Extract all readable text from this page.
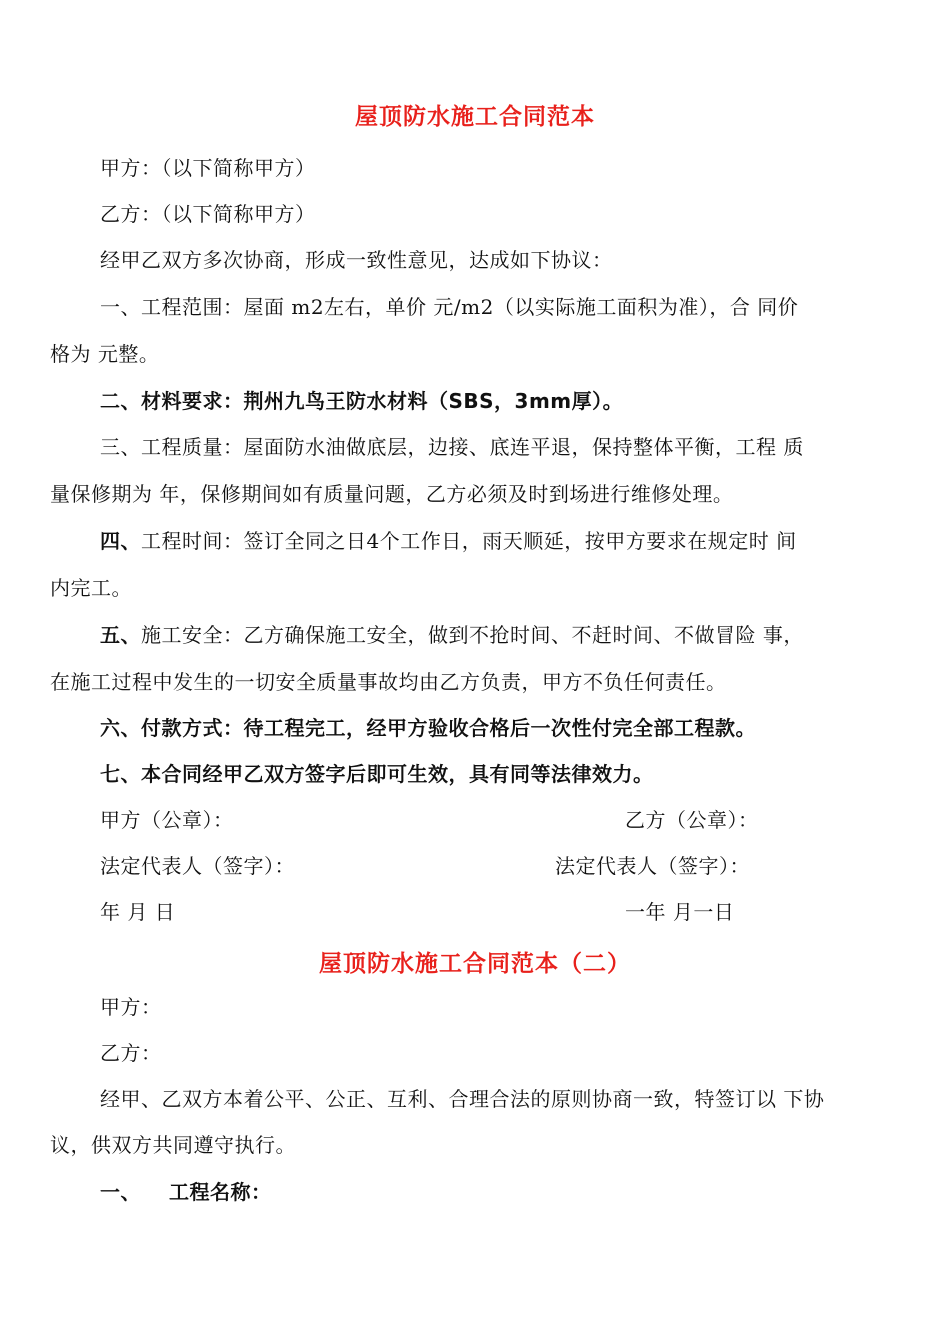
屋顶防水施工合同范本
甲方：（以下简称甲方）
乙方：（以下简称甲方）
经甲乙双方多次协商，形成一致性意见，达成如下协议：
一、工程范围：屋面 m2左右，单价 元/m2（以实际施工面积为准），合 同价
格为 元整。
二、材料要求：荆州九鸟王防水材料（SBS，3mm厚）。
三、工程质量：屋面防水油做底层，边接、底连平退，保持整体平衡，工程 质
量保修期为 年，保修期间如有质量问题，乙方必须及时到场进行维修处理。
四、工程时间：签订全同之日4个工作日，雨天顺延，按甲方要求在规定时 间
内完工。
五、施工安全：乙方确保施工安全，做到不抢时间、不赶时间、不做冒险 事，
在施工过程中发生的一切安全质量事故均由乙方负责，甲方不负任何责任。
六、付款方式：待工程完工，经甲方验收合格后一次性付完全部工程款。
七、本合同经甲乙双方签字后即可生效，具有同等法律效力。
甲方（公章）：	乙方（公章）：
法定代表人（签字）：	法定代表人（签字）：
年 月 日	一年 月一日
屋顶防水施工合同范本（二）
甲方：
乙方：
经甲、乙双方本着公平、公正、互利、合理合法的原则协商一致，特签订以 下协
议，供双方共同遵守执行。
一、 工程名称：
